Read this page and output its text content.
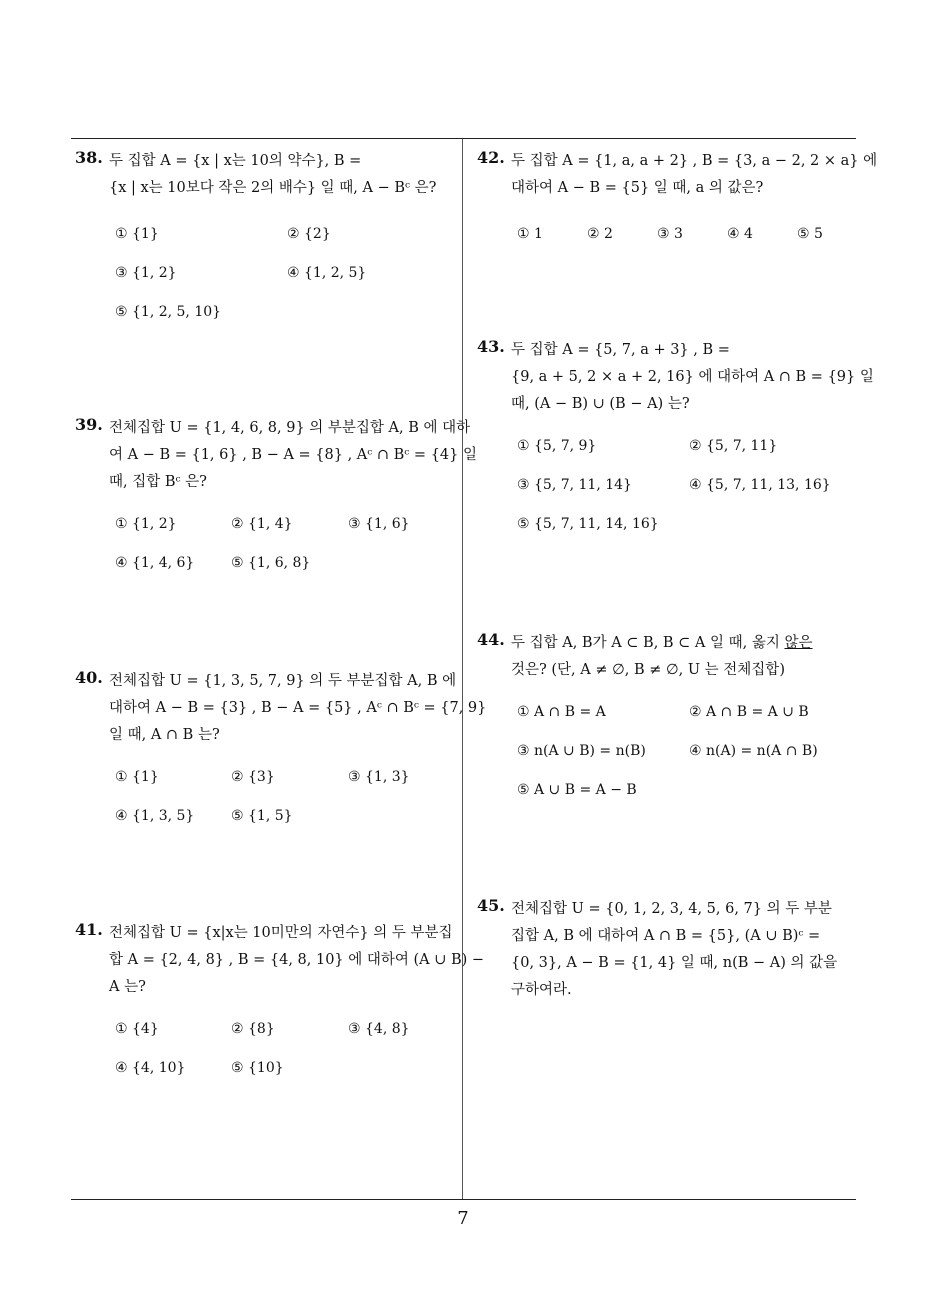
38. 두 집합 A = {x | x는 10의 약수}, B =
{x | x는 10보다 작은 2의 배수} 일 때, A − Bᶜ 은?
① {1}	② {2}
③ {1, 2}	④ {1, 2, 5}
⑤ {1, 2, 5, 10}
39. 전체집합 U = {1, 4, 6, 8, 9} 의 부분집합 A, B 에 대하
여 A − B = {1, 6} , B − A = {8} , Aᶜ ∩ Bᶜ = {4} 일
때, 집합 Bᶜ 은?
① {1, 2}	② {1, 4}	③ {1, 6}
④ {1, 4, 6}	⑤ {1, 6, 8}
40. 전체집합 U = {1, 3, 5, 7, 9} 의 두 부분집합 A, B 에
대하여 A − B = {3} , B − A = {5} , Aᶜ ∩ Bᶜ = {7, 9}
일 때, A ∩ B 는?
① {1}	② {3}	③ {1, 3}
④ {1, 3, 5}	⑤ {1, 5}
41. 전체집합 U = {x|x는 10미만의 자연수} 의 두 부분집
합 A = {2, 4, 8} , B = {4, 8, 10} 에 대하여 (A ∪ B) −
A 는?
① {4}	② {8}	③ {4, 8}
④ {4, 10}	⑤ {10}
42. 두 집합 A = {1, a, a + 2} , B = {3, a − 2, 2 × a} 에
대하여 A − B = {5} 일 때, a 의 값은?
① 1	② 2	③ 3	④ 4	⑤ 5
43. 두 집합 A = {5, 7, a + 3} , B =
{9, a + 5, 2 × a + 2, 16} 에 대하여 A ∩ B = {9} 일
때, (A − B) ∪ (B − A) 는?
① {5, 7, 9}	② {5, 7, 11}
③ {5, 7, 11, 14}	④ {5, 7, 11, 13, 16}
⑤ {5, 7, 11, 14, 16}
44. 두 집합 A, B가 A ⊂ B, B ⊂ A 일 때, 옳지 않은
것은? (단, A ≠ ∅, B ≠ ∅, U 는 전체집합)
① A ∩ B = A	② A ∩ B = A ∪ B
③ n(A ∪ B) = n(B)	④ n(A) = n(A ∩ B)
⑤ A ∪ B = A − B
45. 전체집합 U = {0, 1, 2, 3, 4, 5, 6, 7} 의 두 부분
집합 A, B 에 대하여 A ∩ B = {5}, (A ∪ B)ᶜ =
{0, 3}, A − B = {1, 4} 일 때, n(B − A) 의 값을
구하여라.
7
